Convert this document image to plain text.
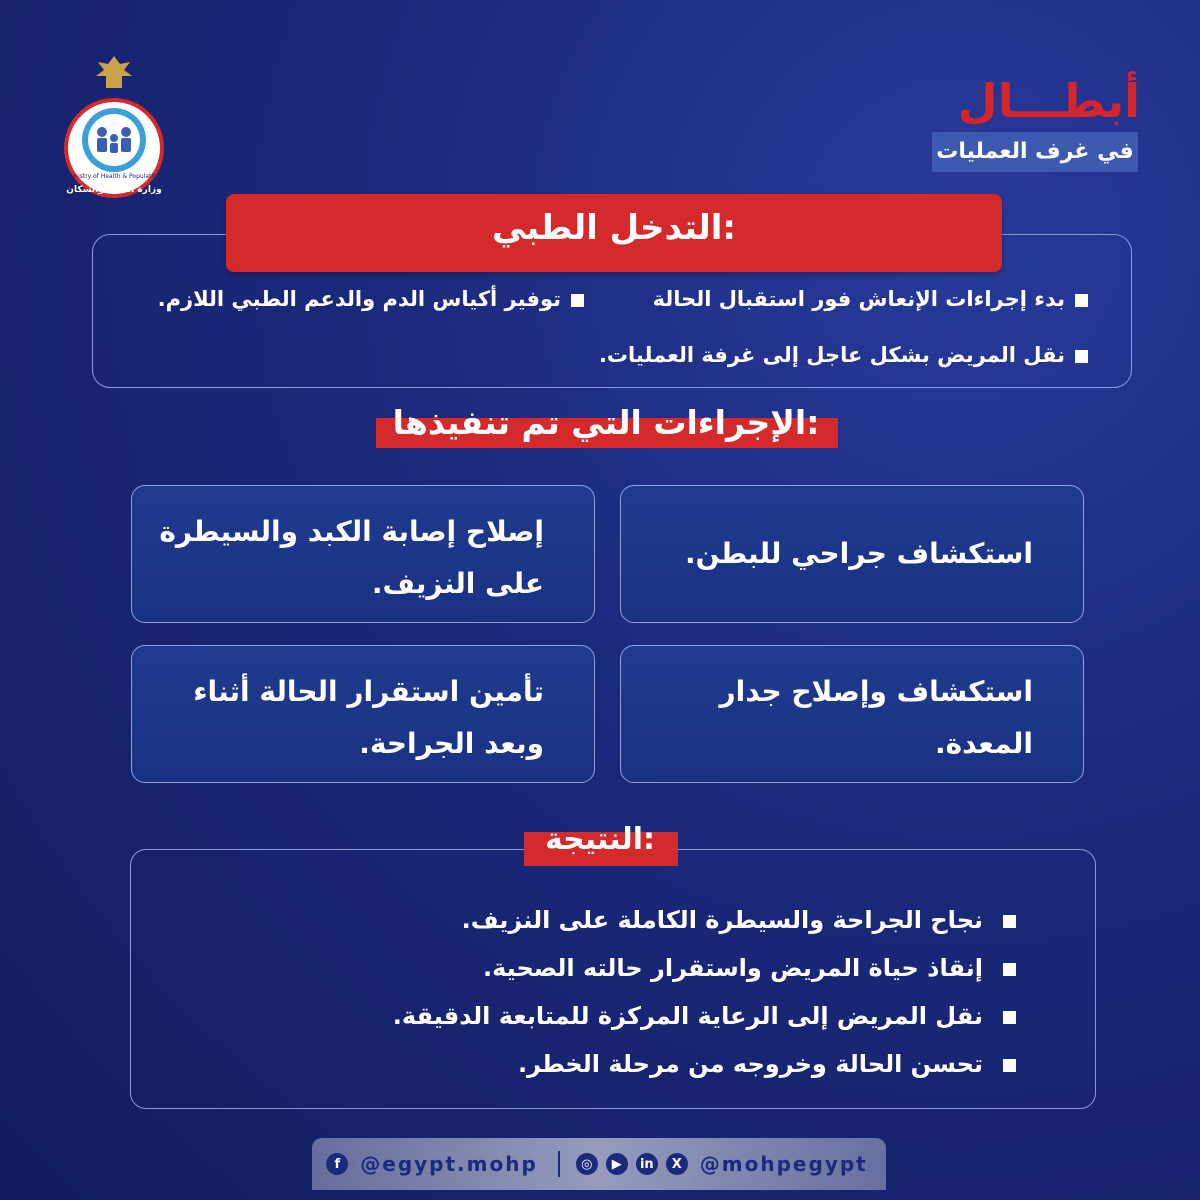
Ministry of Health & Population
وزارة الصحة والسكان
أبطـــال
في غرف العمليات
التدخل الطبي:
بدء إجراءات الإنعاش فور استقبال الحالة
توفير أكياس الدم والدعم الطبي اللازم.
نقل المريض بشكل عاجل إلى غرفة العمليات.
الإجراءات التي تم تنفيذها:
استكشاف جراحي للبطن.
إصلاح إصابة الكبد والسيطرة على النزيف.
استكشاف وإصلاح جدار المعدة.
تأمين استقرار الحالة أثناء وبعد الجراحة.
النتيجة:
نجاح الجراحة والسيطرة الكاملة على النزيف.
إنقاذ حياة المريض واستقرار حالته الصحية.
نقل المريض إلى الرعاية المركزة للمتابعة الدقيقة.
تحسن الحالة وخروجه من مرحلة الخطر.
f	@egypt.mohp	◎	▶	in	X @mohpegypt
